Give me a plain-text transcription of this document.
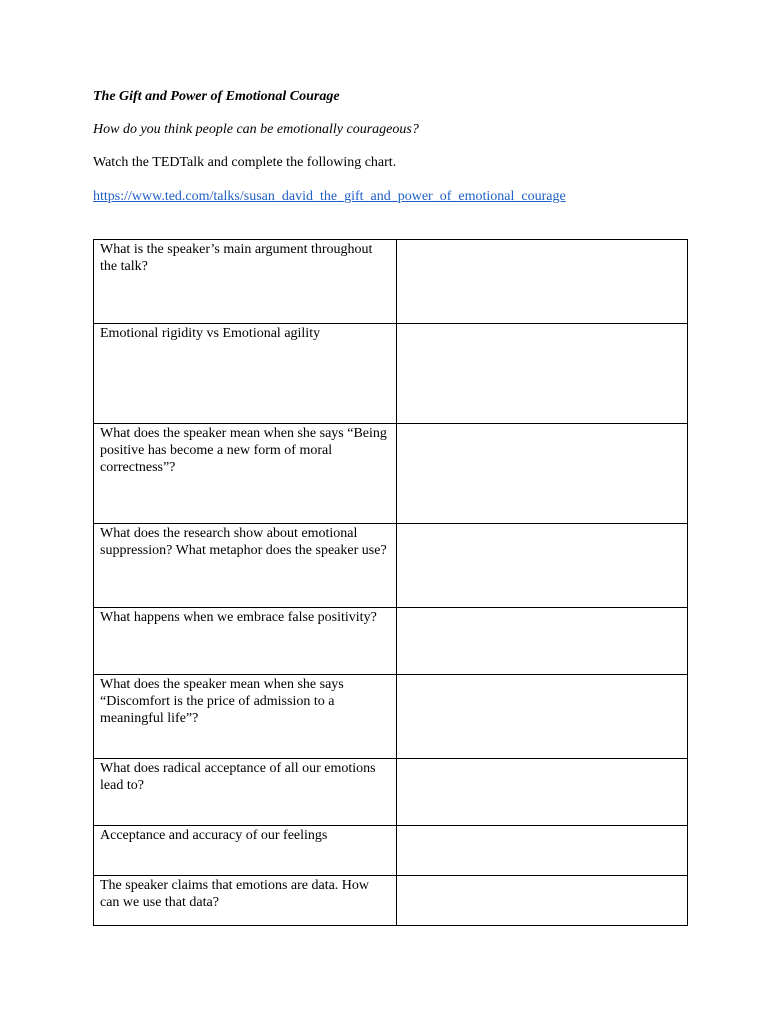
The Gift and Power of Emotional Courage

How do you think people can be emotionally courageous?

Watch the TEDTalk and complete the following chart.

https://www.ted.com/talks/susan_david_the_gift_and_power_of_emotional_courage
What is the speaker’s main argument throughout the talk?	
Emotional rigidity vs Emotional agility	
What does the speaker mean when she says “Being positive has become a new form of moral correctness”?	
What does the research show about emotional suppression? What metaphor does the speaker use?	
What happens when we embrace false positivity?	
What does the speaker mean when she says “Discomfort is the price of admission to a meaningful life”?	
What does radical acceptance of all our emotions lead to?	
Acceptance and accuracy of our feelings	
The speaker claims that emotions are data. How can we use that data?	
